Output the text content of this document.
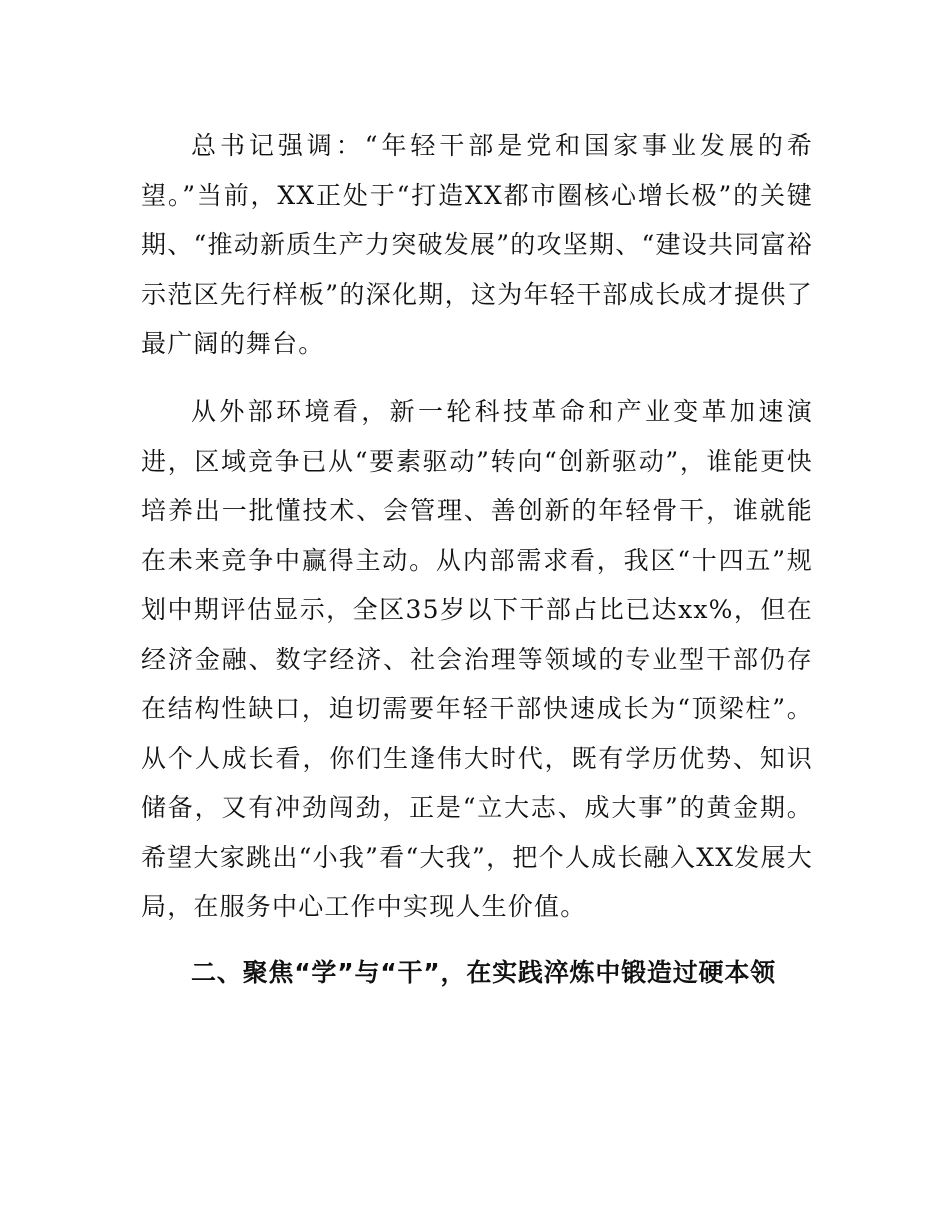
总书记强调：“年轻干部是党和国家事业发展的希望。”当前，XX正处于“打造XX都市圈核心增长极”的关键期、“推动新质生产力突破发展”的攻坚期、“建设共同富裕示范区先行样板”的深化期，这为年轻干部成长成才提供了最广阔的舞台。

从外部环境看，新一轮科技革命和产业变革加速演进，区域竞争已从“要素驱动”转向“创新驱动”，谁能更快培养出一批懂技术、会管理、善创新的年轻骨干，谁就能在未来竞争中赢得主动。从内部需求看，我区“十四五”规划中期评估显示，全区35岁以下干部占比已达xx%，但在经济金融、数字经济、社会治理等领域的专业型干部仍存在结构性缺口，迫切需要年轻干部快速成长为“顶梁柱”。从个人成长看，你们生逢伟大时代，既有学历优势、知识储备，又有冲劲闯劲，正是“立大志、成大事”的黄金期。希望大家跳出“小我”看“大我”，把个人成长融入XX发展大局，在服务中心工作中实现人生价值。

二、聚焦“学”与“干”，在实践淬炼中锻造过硬本领
